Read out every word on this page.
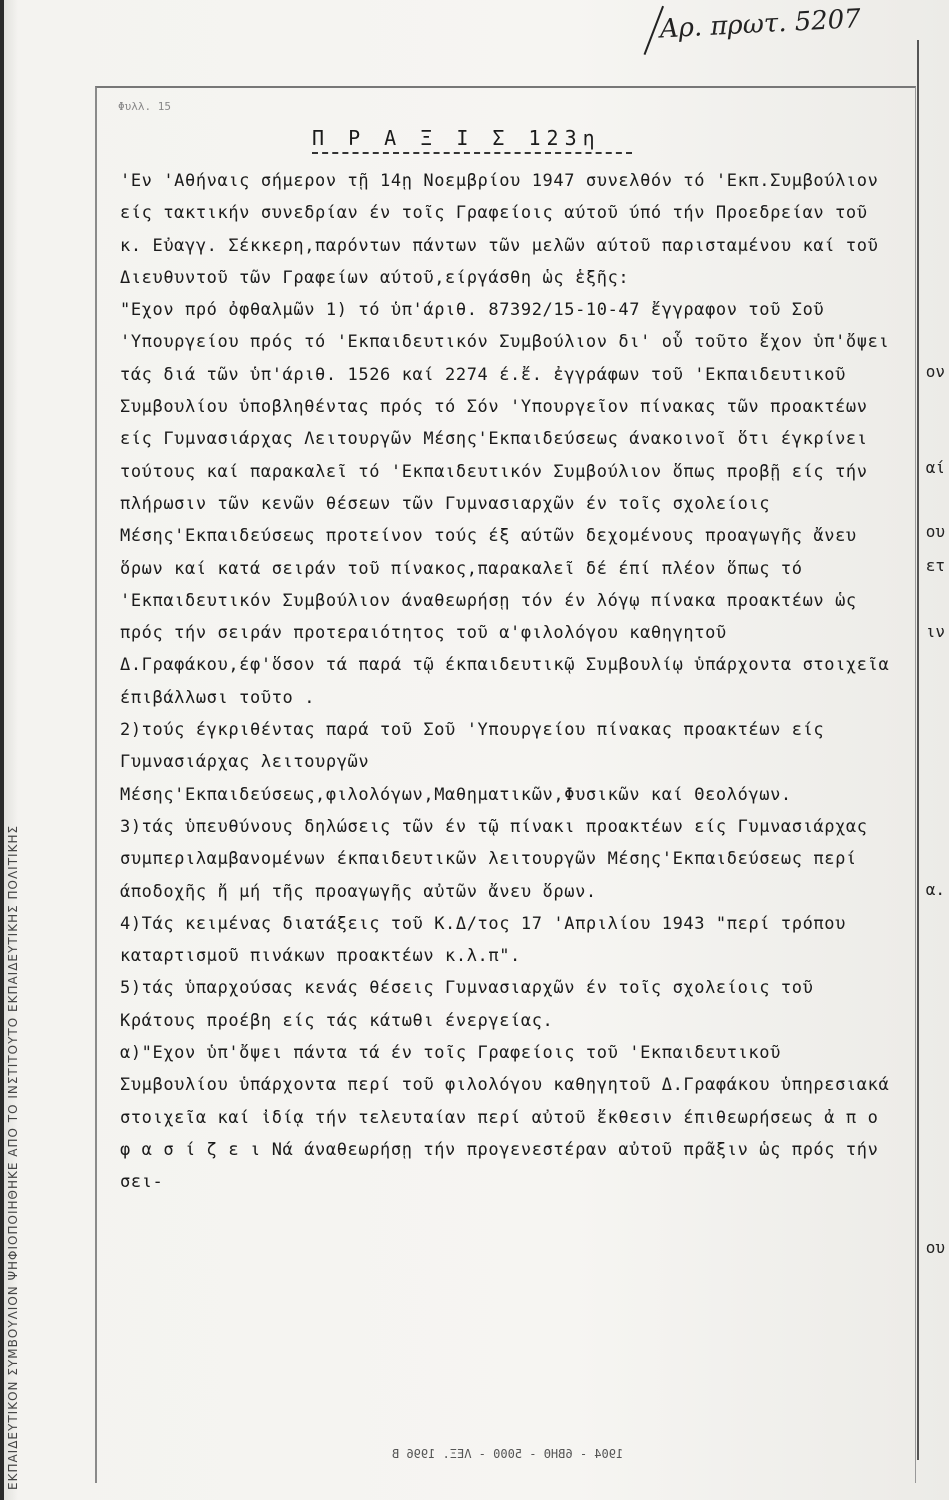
ΕΚΠΑΙΔΕΥΤΙΚΟΝ ΣΥΜΒΟΥΛΙΟΝ ΨΗΦΙΟΠΟΙΗΘΗΚΕ ΑΠΟ ΤΟ ΙΝΣΤΙΤΟΥΤΟ ΕΚΠΑΙΔΕΥΤΙΚΗΣ ΠΟΛΙΤΙΚΗΣ
Αρ. πρωτ. 5207
Φυλλ. 15
Π Ρ Α Ξ Ι Σ 123η

'Εν 'Αθήναις σήμερον τῇ 14ῃ Νοεμβρίου 1947 συνελθόν τό 'Εκπ.Συμβούλιον είς τακτικήν συνεδρίαν έν τοῖς Γραφείοις αύτοῦ ύπό τήν Προεδρείαν τοῦ κ. Εὐαγγ. Σέκκερη,παρόντων πάντων τῶν μελῶν αύτοῦ παρισταμένου καί τοῦ Διευθυντοῦ τῶν Γραφείων αύτοῦ,είργάσθη ὡς ἑξῆς:

"Εχον πρό ὀφθαλμῶν 1) τό ὑπ'άριθ. 87392/15-10-47 ἔγγραφον τοῦ Σοῦ 'Υπουργείου πρός τό 'Εκπαιδευτικόν Συμβούλιον δι' οὗ τοῦτο ἔχον ὑπ'ὄψει τάς διά τῶν ὑπ'άριθ. 1526 καί 2274 έ.ἔ. ἐγγράφων τοῦ 'Εκπαιδευτικοῦ Συμβουλίου ὑποβληθέντας πρός τό Σόν 'Υπουργεῖον πίνακας τῶν προακτέων είς Γυμνασιάρχας Λειτουργῶν Μέσης'Εκπαιδεύσεως άνακοινοῖ ὅτι έγκρίνει τούτους καί παρακαλεῖ τό 'Εκπαιδευτικόν Συμβούλιον ὅπως προβῇ είς τήν πλήρωσιν τῶν κενῶν θέσεων τῶν Γυμνασιαρχῶν έν τοῖς σχολείοις Μέσης'Εκπαιδεύσεως προτείνον τούς έξ αύτῶν δεχομένους προαγωγῆς ἄνευ ὅρων καί κατά σειράν τοῦ πίνακος,παρακαλεῖ δέ έπί πλέον ὅπως τό 'Εκπαιδευτικόν Συμβούλιον άναθεωρήσῃ τόν έν λόγῳ πίνακα προακτέων ὡς πρός τήν σειράν προτεραιότητος τοῦ α'φιλολόγου καθηγητοῦ Δ.Γραφάκου,έφ'ὅσον τά παρά τῷ έκπαιδευτικῷ Συμβουλίῳ ὑπάρχοντα στοιχεῖα έπιβάλλωσι τοῦτο .

2)τούς έγκριθέντας παρά τοῦ Σοῦ 'Υπουργείου πίνακας προακτέων είς Γυμνασιάρχας λειτουργῶν Μέσης'Εκπαιδεύσεως,φιλολόγων,Μαθηματικῶν,Φυσικῶν καί Θεολόγων.

3)τάς ὑπευθύνους δηλώσεις τῶν έν τῷ πίνακι προακτέων είς Γυμνασιάρχας συμπεριλαμβανομένων έκπαιδευτικῶν λειτουργῶν Μέσης'Εκπαιδεύσεως περί άποδοχῆς ἤ μή τῆς προαγωγῆς αὐτῶν ἄνευ ὅρων.

4)Τάς κειμένας διατάξεις τοῦ Κ.Δ/τος 17 'Απριλίου 1943 "περί τρόπου καταρτισμοῦ πινάκων προακτέων κ.λ.π".

5)τάς ὑπαρχούσας κενάς θέσεις Γυμνασιαρχῶν έν τοῖς σχολείοις τοῦ Κράτους προέβη είς τάς κάτωθι ένεργείας.

α)"Εχον ὑπ'ὄψει πάντα τά έν τοῖς Γραφείοις τοῦ 'Εκπαιδευτικοῦ Συμβουλίου ὑπάρχοντα περί τοῦ φιλολόγου καθηγητοῦ Δ.Γραφάκου ὑπηρεσιακά στοιχεῖα καί ἰδίᾳ τήν τελευταίαν περί αὐτοῦ ἔκθεσιν έπιθεωρήσεως ἀ π ο φ α σ ί ζ ε ι Νά άναθεωρήσῃ τήν προγενεστέραν αὐτοῦ πρᾶξιν ὡς πρός τήν σει-

ον
αί
ου
ετ
ιν
α.
ου
1904 - 6ΒΗΘ - 5000 - ΛΕΞ. 1996 Β
